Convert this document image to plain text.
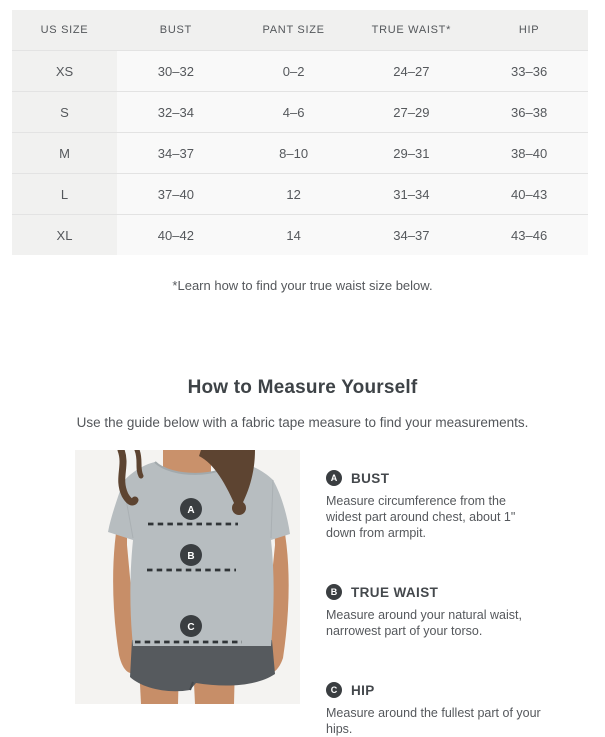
US SIZE	BUST	PANT SIZE	TRUE WAIST*	HIP
XS	30–32	0–2	24–27	33–36
S	32–34	4–6	27–29	36–38
M	34–37	8–10	29–31	38–40
L	37–40	12	31–34	40–43
XL	40–42	14	34–37	43–46
*Learn how to find your true waist size below.
How to Measure Yourself
Use the guide below with a fabric tape measure to find your measurements.
A
B
C
A	BUST
Measure circumference from the widest part around chest, about 1" down from armpit.
B	TRUE WAIST
Measure around your natural waist, narrowest part of your torso.
C	HIP
Measure around the fullest part of your hips.
